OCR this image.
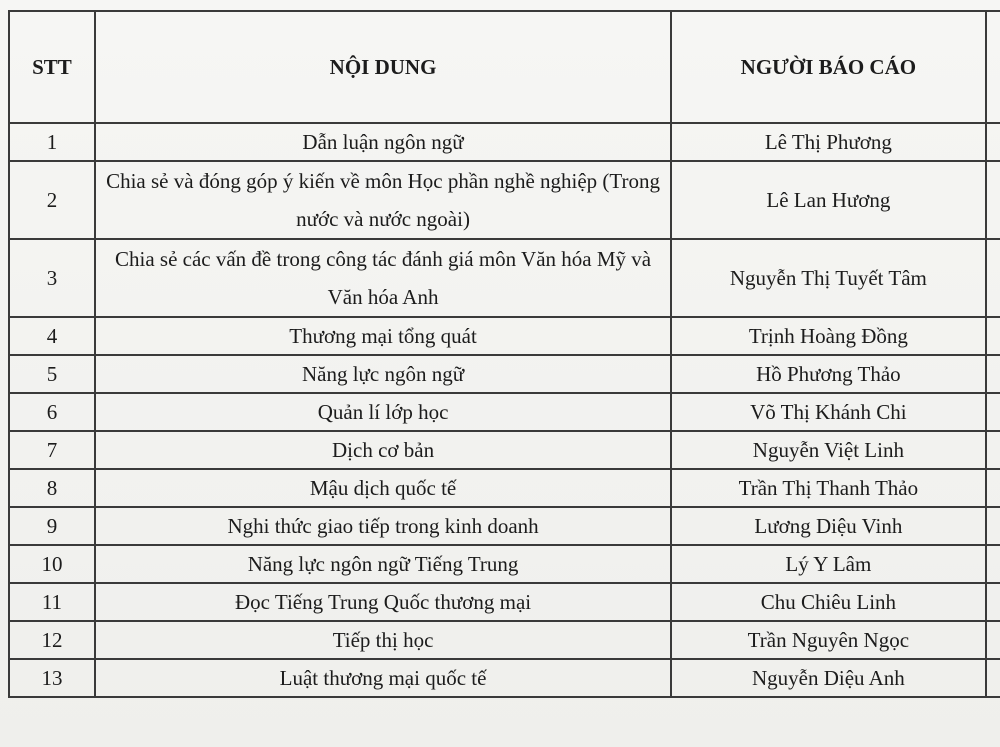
STT	NỘI DUNG	NGƯỜI BÁO CÁO	
1	Dẫn luận ngôn ngữ	Lê Thị Phương	
2	Chia sẻ và đóng góp ý kiến về môn Học phần nghề nghiệp (Trong nước và nước ngoài)	Lê Lan Hương	
3	Chia sẻ các vấn đề trong công tác đánh giá môn Văn hóa Mỹ và Văn hóa Anh	Nguyễn Thị Tuyết Tâm	
4	Thương mại tổng quát	Trịnh Hoàng Đồng	
5	Năng lực ngôn ngữ	Hồ Phương Thảo	
6	Quản lí lớp học	Võ Thị Khánh Chi	
7	Dịch cơ bản	Nguyễn Việt Linh	
8	Mậu dịch quốc tế	Trần Thị Thanh Thảo	
9	Nghi thức giao tiếp trong kinh doanh	Lương Diệu Vinh	
10	Năng lực ngôn ngữ Tiếng Trung	Lý Y Lâm	
11	Đọc Tiếng Trung Quốc thương mại	Chu Chiêu Linh	
12	Tiếp thị học	Trần Nguyên Ngọc	
13	Luật thương mại quốc tế	Nguyễn Diệu Anh	
